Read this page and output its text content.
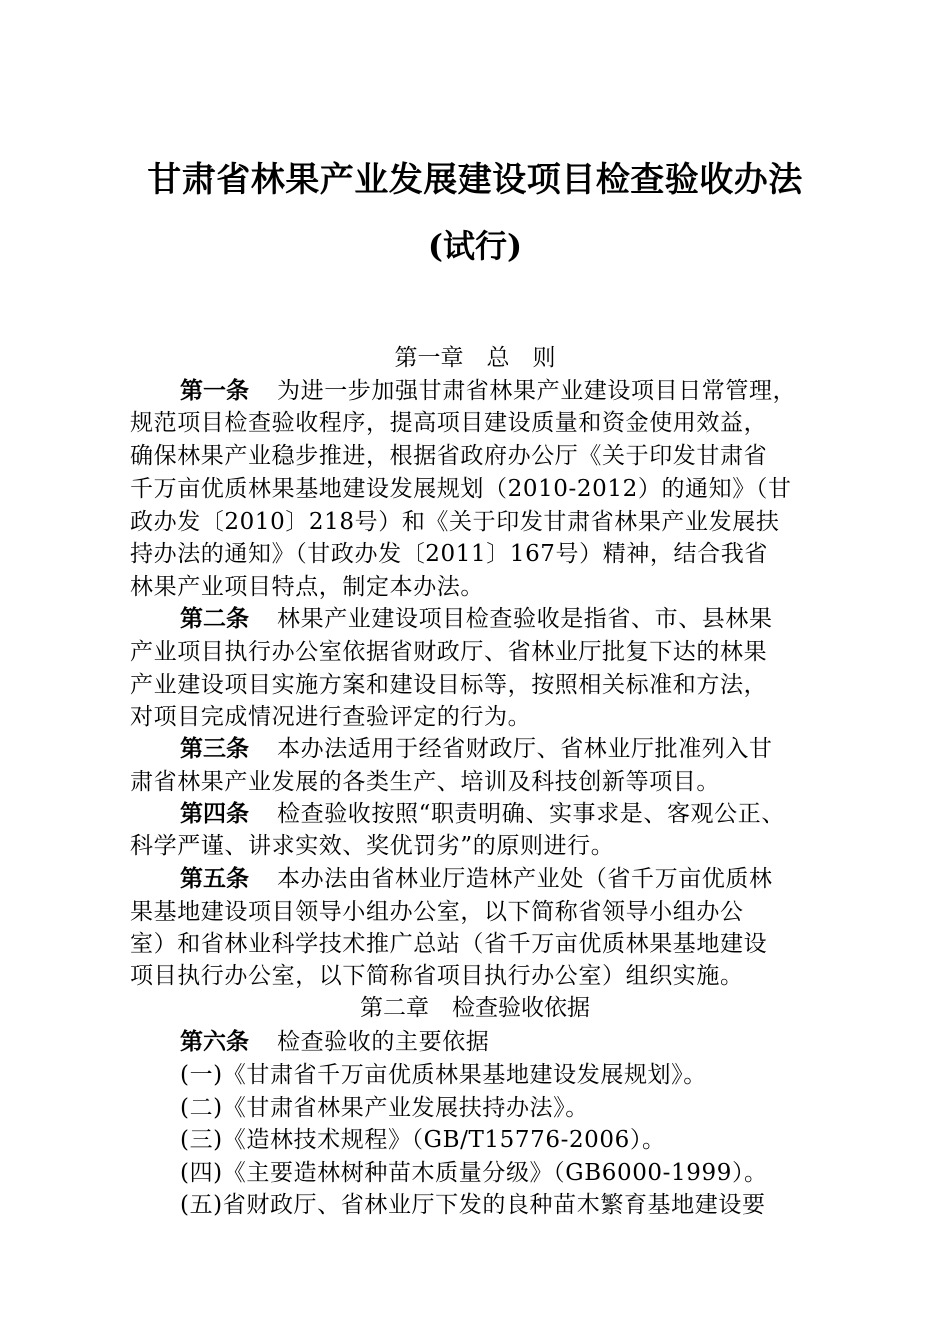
甘肃省林果产业发展建设项目检查验收办法
(试行)
第一章　总　则
第一条 为进一步加强甘肃省林果产业建设项目日常管理，
规范项目检查验收程序，提高项目建设质量和资金使用效益，
确保林果产业稳步推进，根据省政府办公厅《关于印发甘肃省
千万亩优质林果基地建设发展规划（2010-2012）的通知》（甘
政办发〔2010〕218号）和《关于印发甘肃省林果产业发展扶
持办法的通知》（甘政办发〔2011〕167号）精神，结合我省
林果产业项目特点，制定本办法。
第二条 林果产业建设项目检查验收是指省、市、县林果
产业项目执行办公室依据省财政厅、省林业厅批复下达的林果
产业建设项目实施方案和建设目标等，按照相关标准和方法，
对项目完成情况进行查验评定的行为。
第三条 本办法适用于经省财政厅、省林业厅批准列入甘
肃省林果产业发展的各类生产、培训及科技创新等项目。
第四条 检查验收按照“职责明确、实事求是、客观公正、
科学严谨、讲求实效、奖优罚劣”的原则进行。
第五条 本办法由省林业厅造林产业处（省千万亩优质林
果基地建设项目领导小组办公室，以下简称省领导小组办公
室）和省林业科学技术推广总站（省千万亩优质林果基地建设
项目执行办公室，以下简称省项目执行办公室）组织实施。
第二章　检查验收依据
第六条 检查验收的主要依据
(一)《甘肃省千万亩优质林果基地建设发展规划》。
(二)《甘肃省林果产业发展扶持办法》。
(三)《造林技术规程》（GB/T15776-2006）。
(四)《主要造林树种苗木质量分级》（GB6000-1999）。
(五)省财政厅、省林业厅下发的良种苗木繁育基地建设要
